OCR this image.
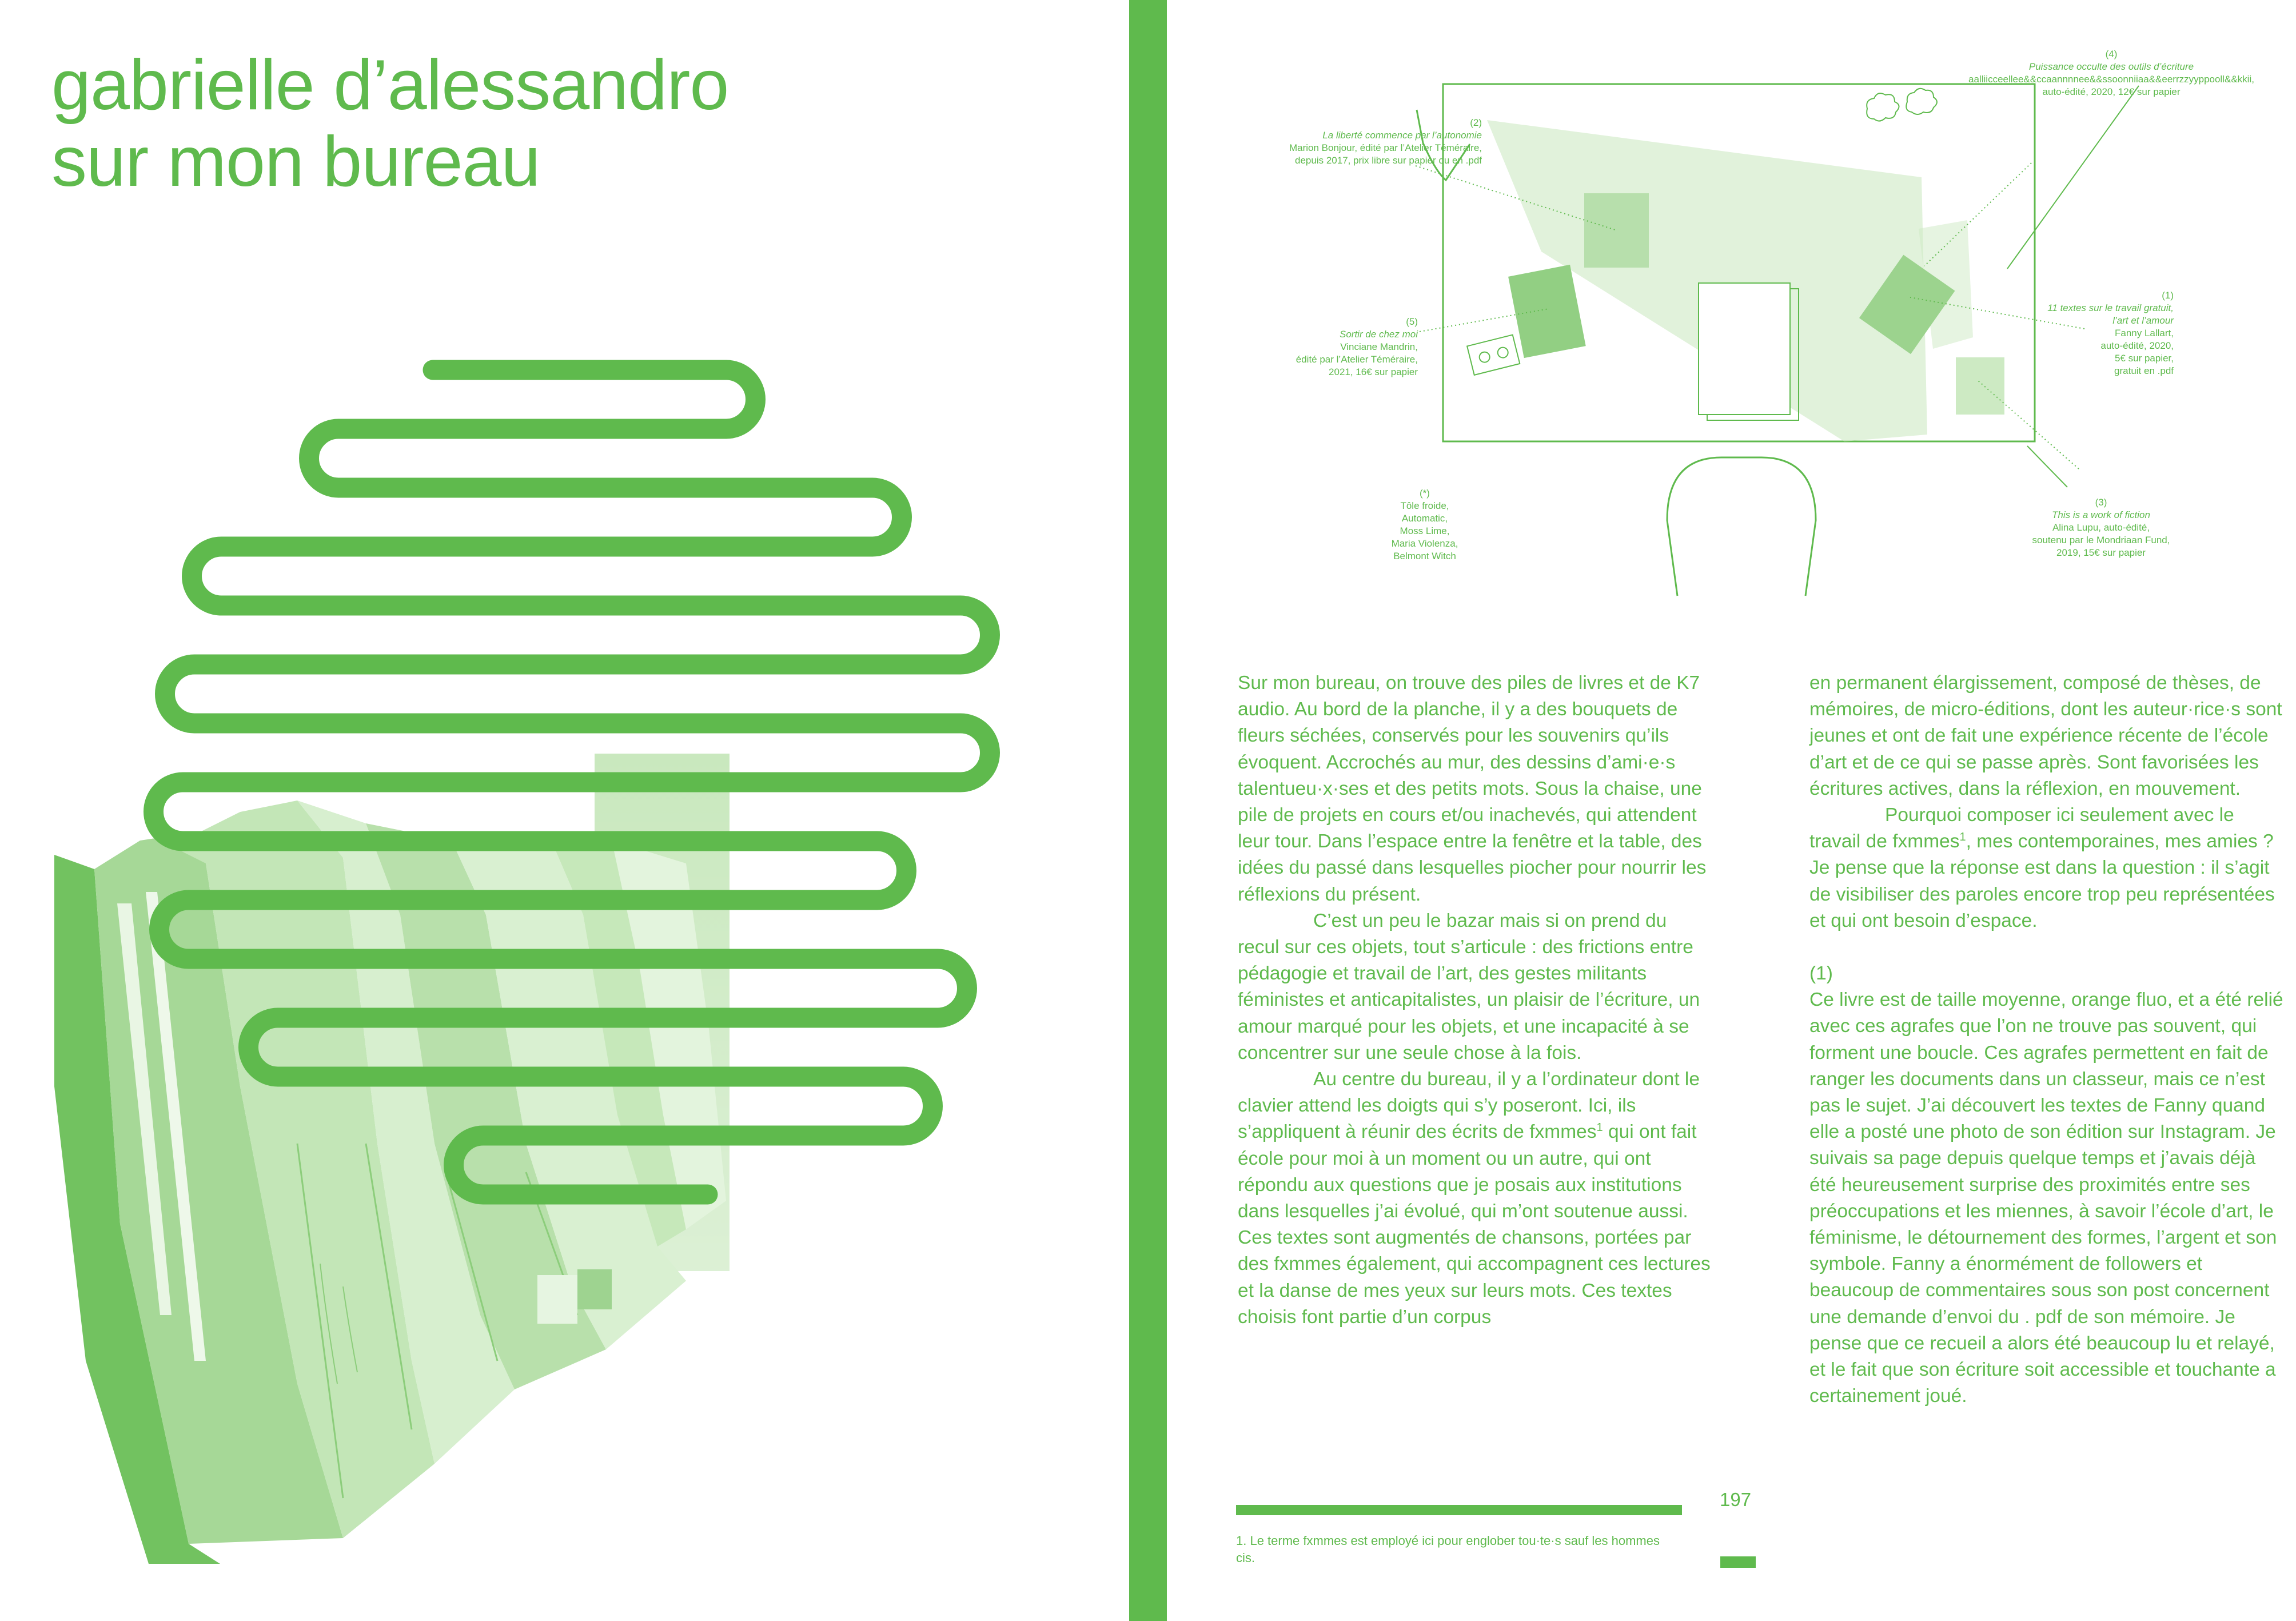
gabrielle d’alessandro
sur mon bureau	(2)
La liberté commence par l’autonomie
Marion Bonjour, édité par l’Atelier Téméraire,
depuis 2017, prix libre sur papier ou en .pdf
(4)
Puissance occulte des outils d’écriture
aalliicceellee&&ccaannnnee&&ssoonniiaa&&eerrzzyyppooll&&kkii,
auto-édité, 2020, 12€ sur papier
(5)
Sortir de chez moi
Vinciane Mandrin,
édité par l’Atelier Téméraire,
2021, 16€ sur papier
(1)
11 textes sur le travail gratuit,
l’art et l’amour
Fanny Lallart,
auto-édité, 2020,
5€ sur papier,
gratuit en .pdf
(*)
Tôle froide,
Automatic,
Moss Lime,
Maria Violenza,
Belmont Witch
(3)
This is a work of fiction
Alina Lupu, auto-édité,
soutenu par le Mondriaan Fund,
2019, 15€ sur papier

Sur mon bureau, on trouve des piles de livres et de K7 audio. Au bord de la planche, il y a des bouquets de fleurs séchées, conservés pour les souvenirs qu’ils évoquent. Accrochés au mur, des dessins d’ami·e·s talentueu·x·ses et des petits mots. Sous la chaise, une pile de projets en cours et/ou inachevés, qui attendent leur tour. Dans l’espace entre la fenêtre et la table, des idées du passé dans lesquelles piocher pour nourrir les réflexions du présent.

C’est un peu le bazar mais si on prend du recul sur ces objets, tout s’articule : des frictions entre pédagogie et travail de l’art, des gestes militants féministes et anticapitalistes, un plaisir de l’écriture, un amour marqué pour les objets, et une incapacité à se concentrer sur une seule chose à la fois.

Au centre du bureau, il y a l’ordinateur dont le clavier attend les doigts qui s’y poseront. Ici, ils s’appliquent à réunir des écrits de fxmmes$^1$ qui ont fait école pour moi à un moment ou un autre, qui ont répondu aux questions que je posais aux institutions dans lesquelles j’ai évolué, qui m’ont soutenue aussi. Ces textes sont augmentés de chansons, portées par des fxmmes également, qui accompagnent ces lectures et la danse de mes yeux sur leurs mots. Ces textes choisis font partie d’un corpus

en permanent élargissement, composé de thèses, de mémoires, de micro-éditions, dont les auteur·rice·s sont jeunes et ont de fait une expérience récente de l’école d’art et de ce qui se passe après. Sont favorisées les écritures actives, dans la réflexion, en mouvement.

Pourquoi composer ici seulement avec le travail de fxmmes$^1$, mes contemporaines, mes amies ? Je pense que la réponse est dans la question : il s’agit de visibiliser des paroles encore trop peu représentées et qui ont besoin d’espace.

(1)

Ce livre est de taille moyenne, orange fluo, et a été relié avec ces agrafes que l’on ne trouve pas souvent, qui forment une boucle. Ces agrafes permettent en fait de ranger les documents dans un classeur, mais ce n’est pas le sujet. J’ai découvert les textes de Fanny quand elle a posté une photo de son édition sur Instagram. Je suivais sa page depuis quelque temps et j’avais déjà été heureusement surprise des proximités entre ses préoccupations et les miennes, à savoir l’école d’art, le féminisme, le détournement des formes, l’argent et son symbole. Fanny a énormément de followers et beaucoup de commentaires sous son post concernent une demande d’envoi du . pdf de son mémoire. Je pense que ce recueil a alors été beaucoup lu et relayé, et le fait que son écriture soit accessible et touchante a certainement joué.

1. Le terme fxmmes est employé ici pour englober tou·te·s sauf les hommes cis.
197
